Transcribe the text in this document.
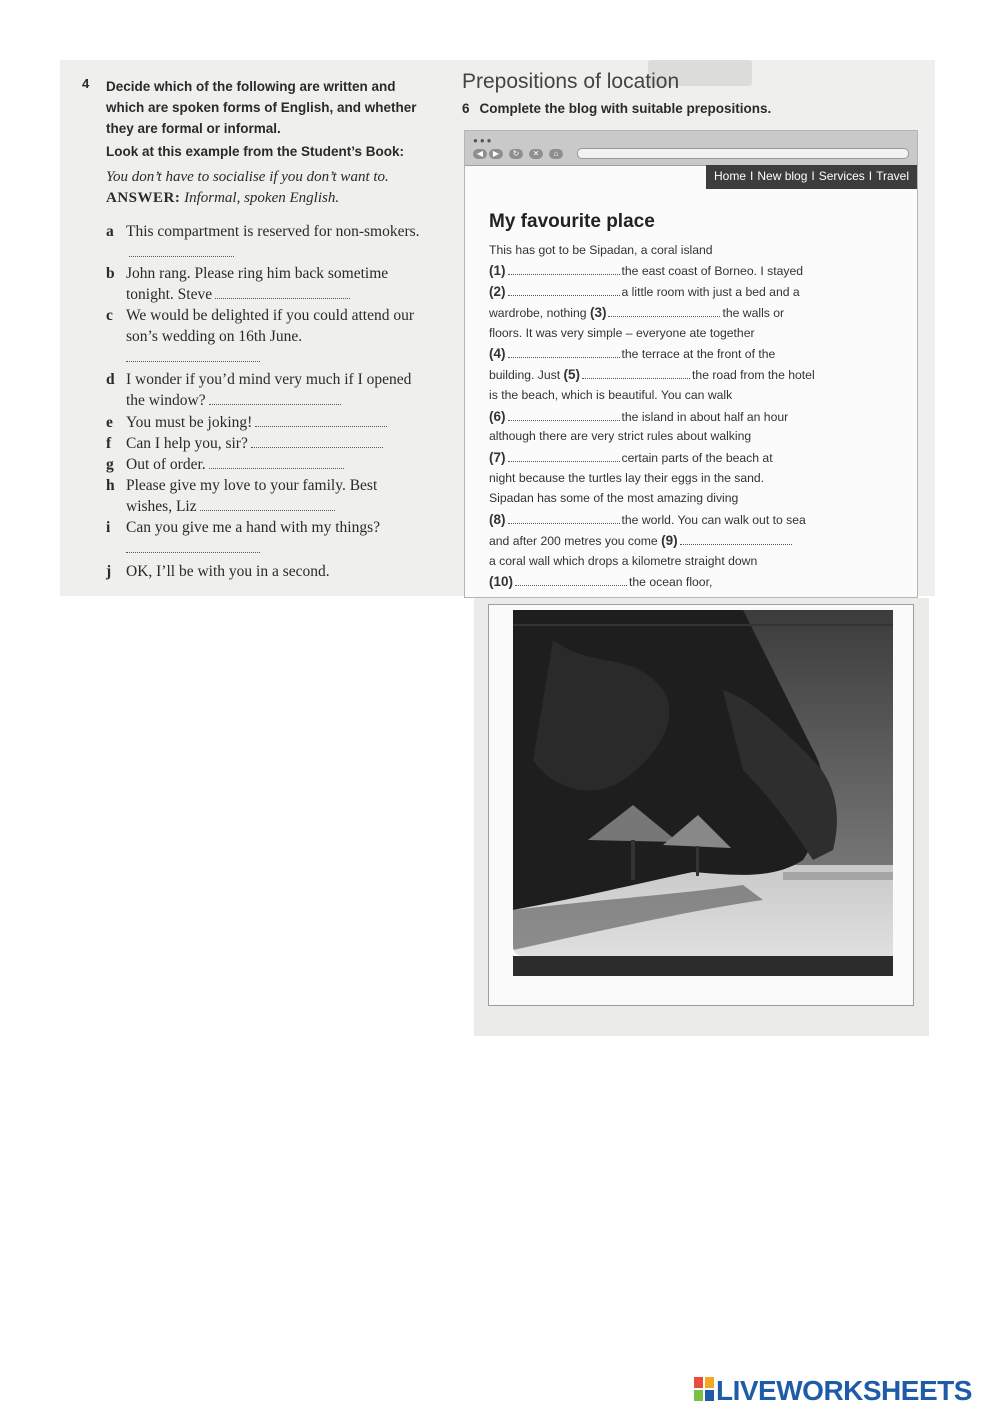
4 Decide which of the following are written and which are spoken forms of English, and whether they are formal or informal.
Look at this example from the Student’s Book:
You don’t have to socialise if you don’t want to.
ANSWER: Informal, spoken English.
a This compartment is reserved for non-smokers.
b John rang. Please ring him back sometime tonight. Steve
c We would be delighted if you could attend our son’s wedding on 16th June.

d I wonder if you’d mind very much if I opened the window?
e You must be joking!
f Can I help you, sir?
g Out of order.
h Please give my love to your family. Best wishes, Liz
i Can you give me a hand with my things?

j OK, I’ll be with you in a second.
Prepositions of location
6 Complete the blog with suitable prepositions.
●●●
◀	▶	↻	✕	⌂
Home I New blog I Services I Travel
My favourite place
This has got to be Sipadan, a coral island
(1)	the east coast of Borneo. I stayed
(2)	a little room with just a bed and a
wardrobe, nothing (3)	the walls or
floors. It was very simple – everyone ate together
(4)	the terrace at the front of the
building. Just (5)	the road from the hotel
is the beach, which is beautiful. You can walk
(6)	the island in about half an hour
although there are very strict rules about walking
(7)	certain parts of the beach at
night because the turtles lay their eggs in the sand.
Sipadan has some of the most amazing diving
(8)	the world. You can walk out to sea
and after 200 metres you come (9)
a coral wall which drops a kilometre straight down
(10)	the ocean floor,
LIVEWORKSHEETS
